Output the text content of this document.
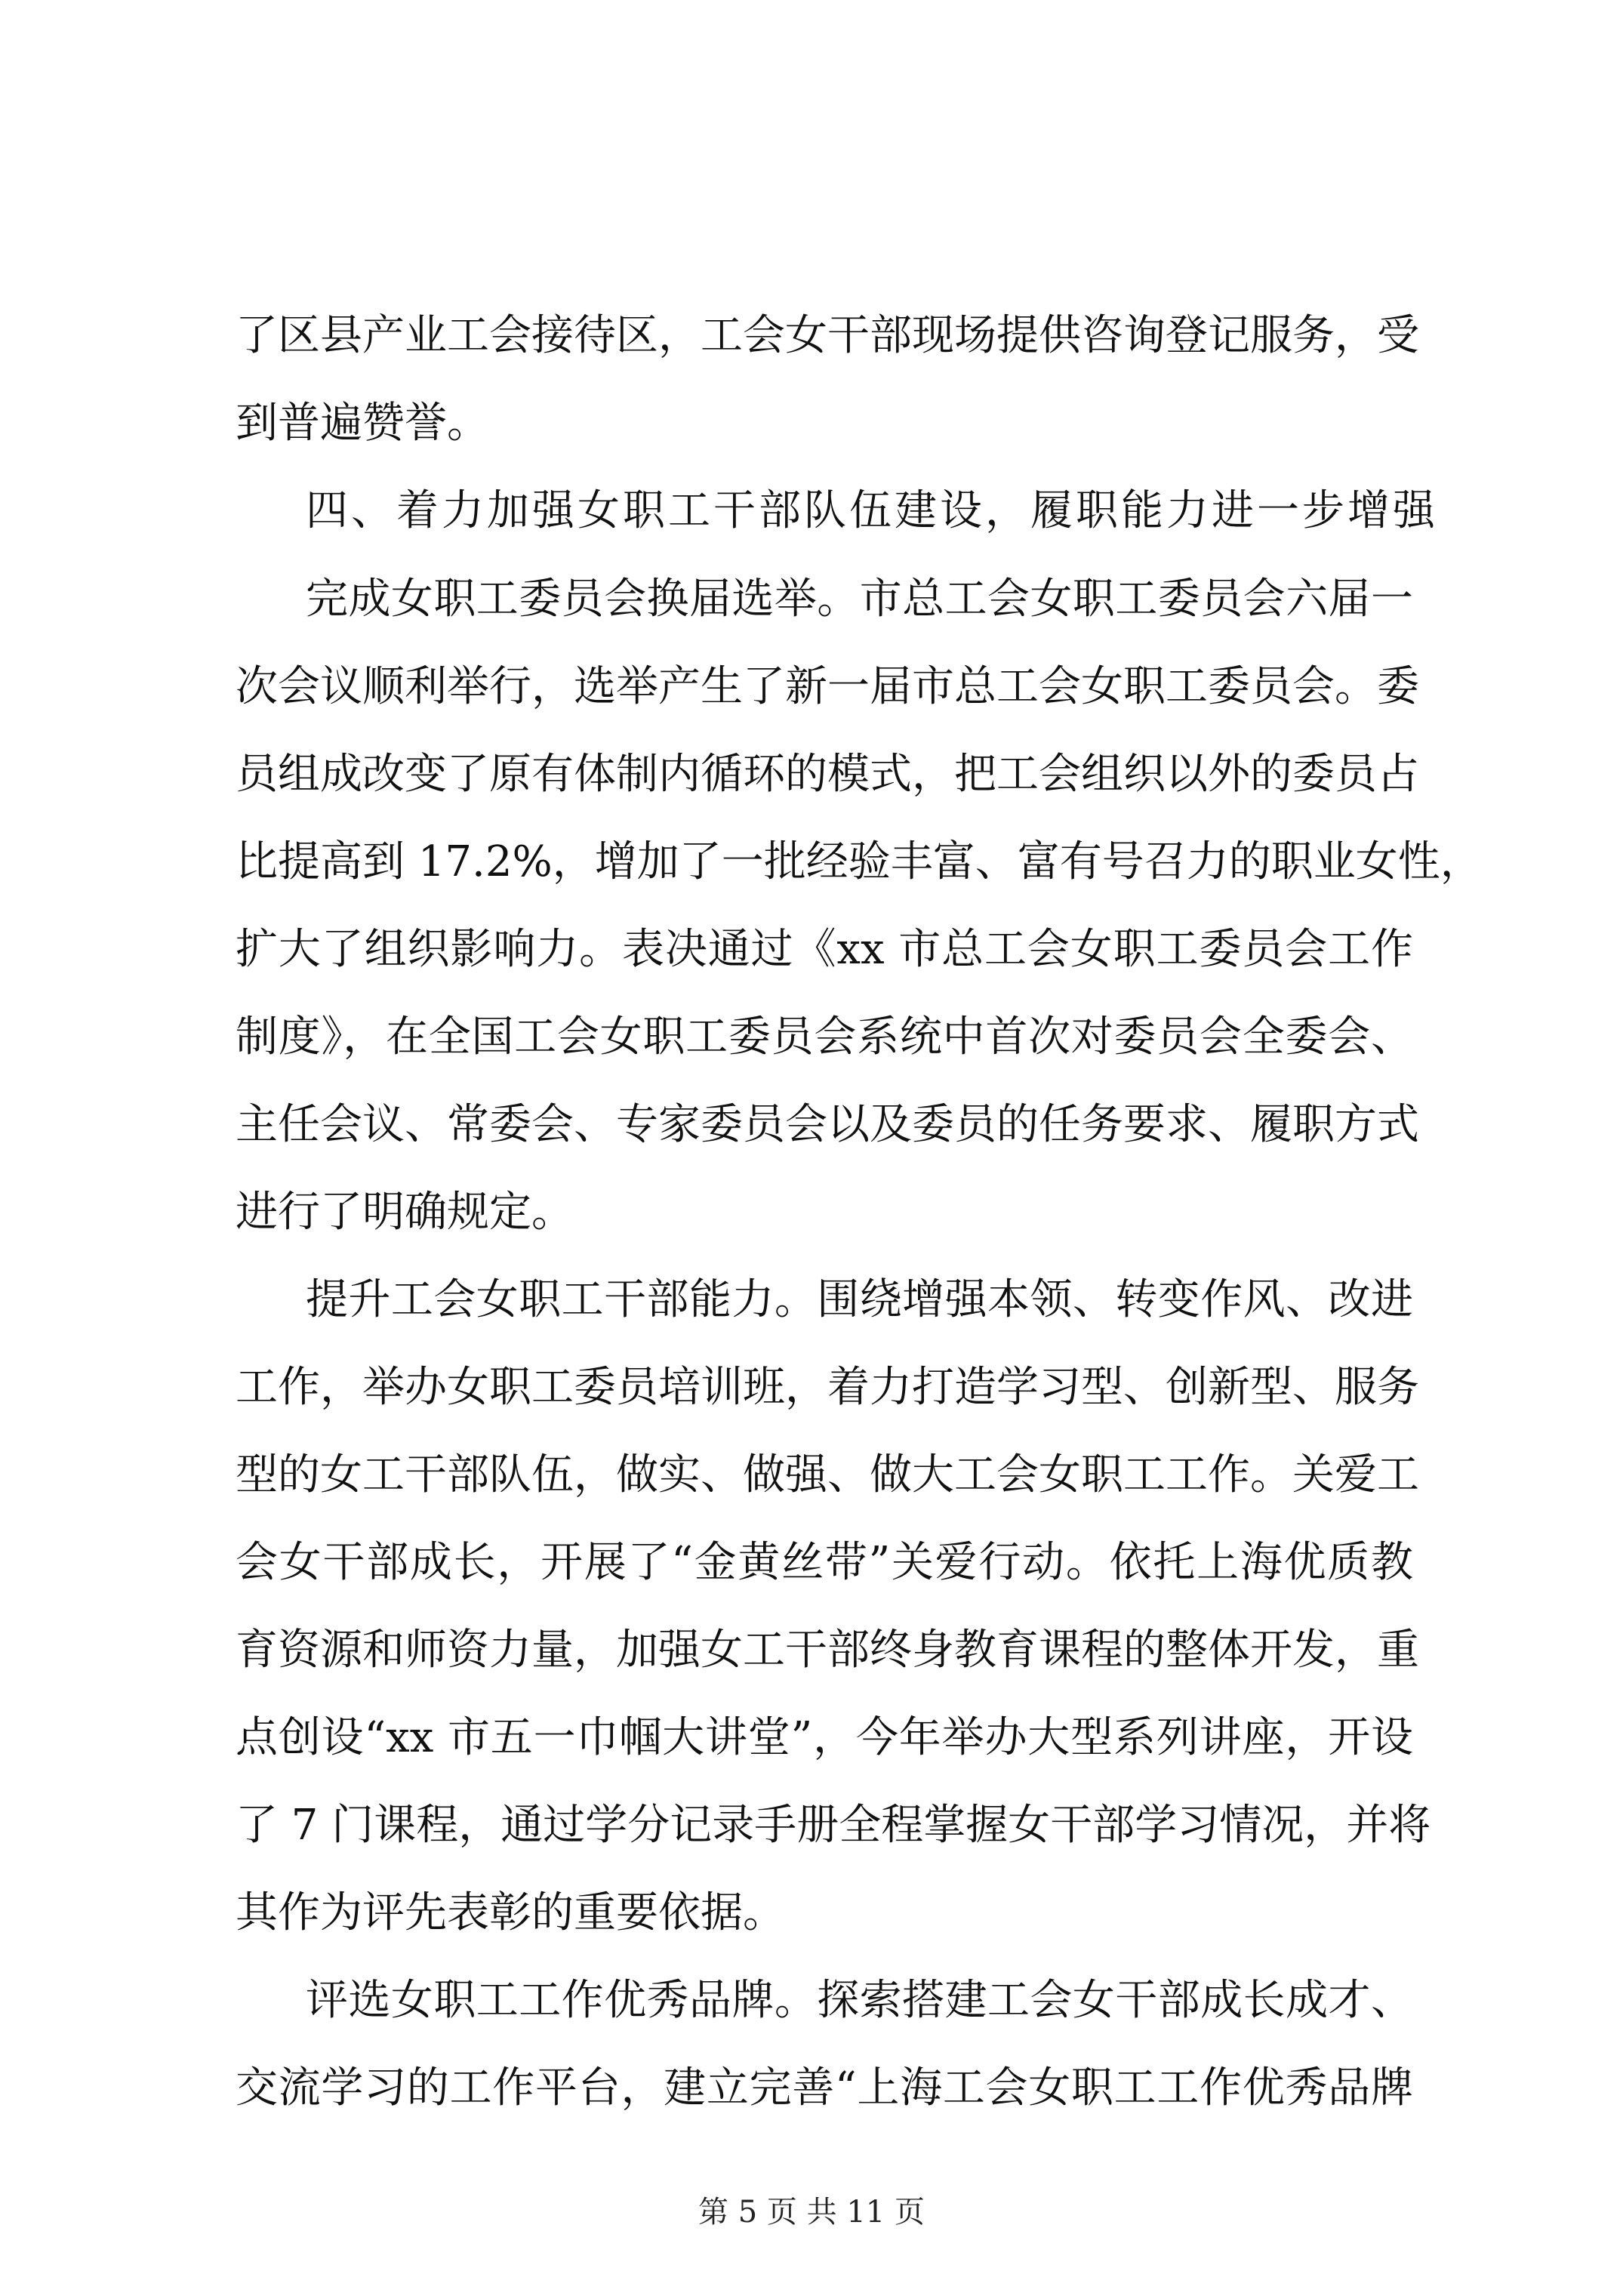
了区县产业工会接待区，工会女干部现场提供咨询登记服务，受
到普遍赞誉。
四、着力加强女职工干部队伍建设，履职能力进一步增强
完成女职工委员会换届选举。市总工会女职工委员会六届一
次会议顺利举行，选举产生了新一届市总工会女职工委员会。委
员组成改变了原有体制内循环的模式，把工会组织以外的委员占
比提高到 17.2%，增加了一批经验丰富、富有号召力的职业女性，
扩大了组织影响力。表决通过《xx 市总工会女职工委员会工作
制度》，在全国工会女职工委员会系统中首次对委员会全委会、
主任会议、常委会、专家委员会以及委员的任务要求、履职方式
进行了明确规定。
提升工会女职工干部能力。围绕增强本领、转变作风、改进
工作，举办女职工委员培训班，着力打造学习型、创新型、服务
型的女工干部队伍，做实、做强、做大工会女职工工作。关爱工
会女干部成长，开展了“金黄丝带”关爱行动。依托上海优质教
育资源和师资力量，加强女工干部终身教育课程的整体开发，重
点创设“xx 市五一巾帼大讲堂”，今年举办大型系列讲座，开设
了 7 门课程，通过学分记录手册全程掌握女干部学习情况，并将
其作为评先表彰的重要依据。
评选女职工工作优秀品牌。探索搭建工会女干部成长成才、
交流学习的工作平台，建立完善“上海工会女职工工作优秀品牌
第 5 页 共 11 页
